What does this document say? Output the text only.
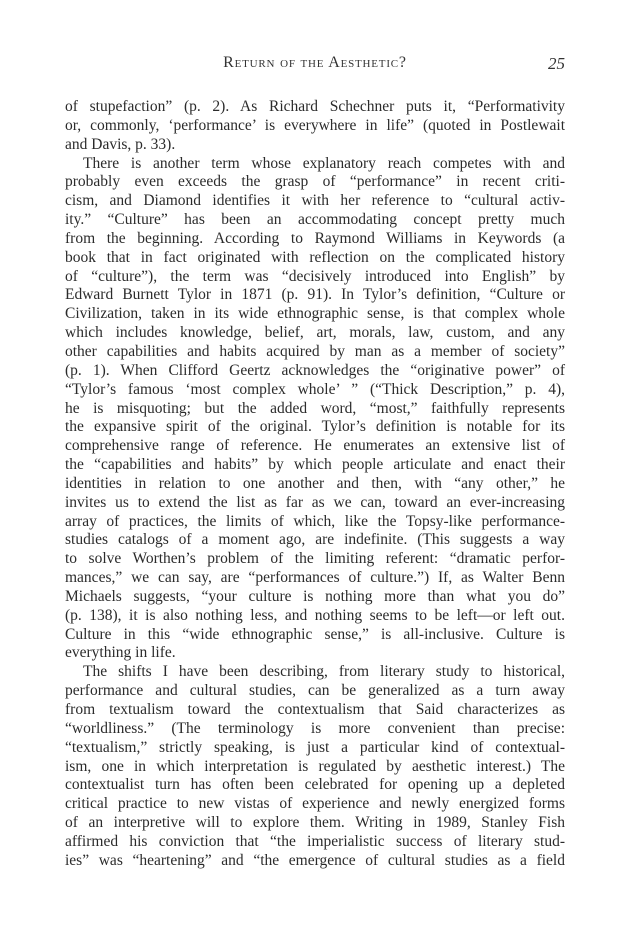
Return of the Aesthetic?	25
of stupefaction” (p. 2). As Richard Schechner puts it, “Performativity
or, commonly, ‘performance’ is everywhere in life” (quoted in Postlewait
and Davis, p. 33).
There is another term whose explanatory reach competes with and
probably even exceeds the grasp of “performance” in recent criti-
cism, and Diamond identifies it with her reference to “cultural activ-
ity.” “Culture” has been an accommodating concept pretty much
from the beginning. According to Raymond Williams in Keywords (a
book that in fact originated with reflection on the complicated history
of “culture”), the term was “decisively introduced into English” by
Edward Burnett Tylor in 1871 (p. 91). In Tylor’s definition, “Culture or
Civilization, taken in its wide ethnographic sense, is that complex whole
which includes knowledge, belief, art, morals, law, custom, and any
other capabilities and habits acquired by man as a member of society”
(p. 1). When Clifford Geertz acknowledges the “originative power” of
“Tylor’s famous ‘most complex whole’ ” (“Thick Description,” p. 4),
he is misquoting; but the added word, “most,” faithfully represents
the expansive spirit of the original. Tylor’s definition is notable for its
comprehensive range of reference. He enumerates an extensive list of
the “capabilities and habits” by which people articulate and enact their
identities in relation to one another and then, with “any other,” he
invites us to extend the list as far as we can, toward an ever-increasing
array of practices, the limits of which, like the Topsy-like performance-
studies catalogs of a moment ago, are indefinite. (This suggests a way
to solve Worthen’s problem of the limiting referent: “dramatic perfor-
mances,” we can say, are “performances of culture.”) If, as Walter Benn
Michaels suggests, “your culture is nothing more than what you do”
(p. 138), it is also nothing less, and nothing seems to be left—or left out.
Culture in this “wide ethnographic sense,” is all-inclusive. Culture is
everything in life.
The shifts I have been describing, from literary study to historical,
performance and cultural studies, can be generalized as a turn away
from textualism toward the contextualism that Said characterizes as
“worldliness.” (The terminology is more convenient than precise:
“textualism,” strictly speaking, is just a particular kind of contextual-
ism, one in which interpretation is regulated by aesthetic interest.) The
contextualist turn has often been celebrated for opening up a depleted
critical practice to new vistas of experience and newly energized forms
of an interpretive will to explore them. Writing in 1989, Stanley Fish
affirmed his conviction that “the imperialistic success of literary stud-
ies” was “heartening” and “the emergence of cultural studies as a field
